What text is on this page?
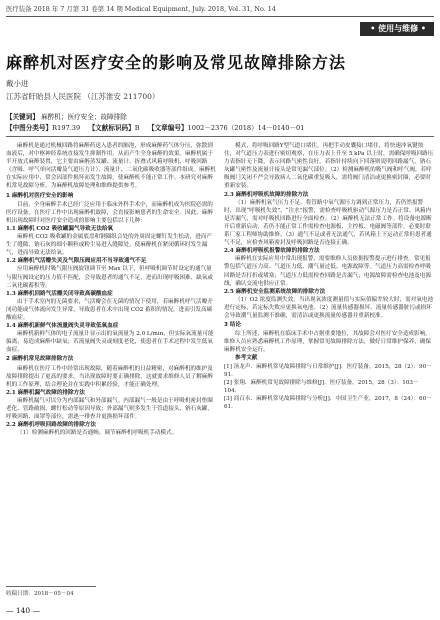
医疗装备 2018 年 7 月第 31 卷第 14 期 Medical Equipment, July. 2018, Vol. 31, No. 14
• 使用与维修 •
麻醉机对医疗安全的影响及常见故障排除方法
戴小进
江苏省盱眙县人民医院 （江苏淮安 211700）
【关键词】 麻醉机；医疗安全；故障排除
【中图分类号】R197.39 【文献标识码】B 【文章编号】1002－2376（2018）14－0140－01

麻醉机是通过机械回路将麻醉药送入患者的肺泡，形成麻醉药气体分压，弥散到血液后，对中枢神经系统直接发生抑制作用，从而产生全身麻醉的效果。麻醉机属于半开放式麻醉装置，它主要由麻醉蒸发罐、流量计、折叠式风箱呼吸机、呼吸回路（含吸、呼气单向活瓣及气道压力计），流量计、二氧化碳吸收器等部件组成。麻醉机在实际应用中，常会因部件损坏而发生故障，使麻醉机不能正常工作。本研究对麻醉机常见故障分析，为麻醉机故障处理和维修提供参考。

1 麻醉机对医疗安全的影响

目前，全身麻醉手术已经广泛应用于临床外科手术中，而麻醉机成为医院必需的医疗设备。在医疗工作中出现麻醉机故障，会直接影响患者的生命安全。因此，麻醉机出现故障时对医疗安全造成的影响主要包括以下几种：

1.1 麻醉机 CO2 吸收罐漏气导致无法给氧

麻醉机 CO2 吸收罐的金属底盘和钢圈组合处的外周固定螺钉发生松动，进而产生了缝隙，钠石灰的细小颗粒或粉尘易进入缝隙处，使麻醉机在紧闭循环时发生漏气，进而导致无法给氧。

1.2 麻醉机气活瓣失灵及气限压阀应用不当导致通气不足

应用麻醉机时吸气限压阀旋钮调节至 Max 以下，但呼吸机调节时设定的通气量与限压阀设定的压力值不匹配，会导致患者的通气不足，进而出现呼吸困难、缺氧或二氧化碳蓄积等。

1.3 麻醉机回路气活瓣关闭导致高碳酸血症

由于手术室内的无菌要求，气活瓣会在无菌的情况下使用，若麻醉机呼气活瓣开闭功能或气体流向发生异常，导致患者在术中出现 CO2 蓄积的情况，进而引发高碳酸血症。

1.4 麻醉机新鲜气体流量阀失灵导致低氧血症

麻醉机新鲜气体的电子流量计显示出的氧流量为 2.0 L/min，但实际氧流量可能偏离，易造成麻醉中缺氧；若流量阀失灵或刻度老化，使患者在手术过程中发生低氧血症。

2 麻醉机常见故障排除方法

麻醉机在医疗工作中经常出现故障，随着麻醉机的日益精密，对麻醉机的维护及故障排除提出了更高的要求。当出现故障时要正确排除，这就要求维修人员了解麻醉机的工作原理，结合理论并在实践中积累经验，才能正确处理。

2.1 麻醉机漏气故障的排除方法

麻醉机漏气可以分为内部漏气和外部漏气。内部漏气一般是由于呼吸机密封垫圈老化、管路破损、螺钉松动等原因导致；外部漏气则多发生于管道接头、钠石灰罐、呼吸回路、面罩等部位，需逐一排查并更换损坏部件。

2.2 麻醉机呼吸回路故障的排除方法

（1）检测麻醉机的回路是否通畅，调节麻醉机呼吸机手动模式。

模式，将呼吸回路Y型气道口堵住，再把手动皮囊接口堵住，将快速冲氧键按住，对气道压力表进行密切观察，在压力表上升至 5 kPa 以上时，需确保呼吸回路压力表指针无下降，表示回路气密性良好。若指针持续向下回落则说明回路漏气，钠石灰罐气密性及流量计接头是常见漏气部位。（2）检测麻醉机的吸气阀和呼气阀，若呼吸阀门关闭不严会导致病人二氧化碳重复吸入，需将阀门清洁或更换密封圈，必要时重新安装。

2.3 麻醉机呼吸机故障的排除方法

（1）麻醉机氧气压力不足。将管路中氧气源压力调到正常压力，若仍然报警时，出现“呼吸机失效”、“注水”报警，需检查呼吸机驱动气源压力是否正常、风箱内是否漏气，需对呼吸机回路进行全面检查。（2）麻醉机无法正常工作。将设备电源断开后重新启动，若仍不能正常工作需检查电源板、主控板、电磁阀等部件，必要时联系厂家工程师协助维修。（3）通气不足或者无法通气，若风箱上下运动正常但患者通气不足，应检查风箱密封及呼吸回路是否连接正确。

2.4 麻醉机呼吸机报警故障的排除方法

麻醉机在实际应用中常出现报警，需要维修人员依据报警提示进行排查。常见报警包括气道压力高、气道压力低、潮气量过低、电源故障等。气道压力高需检查呼吸回路是否打折或堵塞；气道压力低需检查回路是否漏气；电源故障需检查电池及电源线，确认交流电供应正常。

2.5 麻醉机安全监测系统故障的排除方法

（1）O2 浓度监测失效。当出现氧浓度测量值与实际值偏差较大时，需对氧电池进行定标，若定标失败应更换氧电池。（2）流量传感器损坏。流量传感器脏污或损坏会导致潮气量监测不准确，需清洁或更换流量传感器并重新校准。

3 结论

综上所述，麻醉机在临床手术中占据重要地位，其故障会对医疗安全造成影响。维修人员应熟悉麻醉机工作原理，掌握常见故障排除方法，做好日常维护保养，确保麻醉机安全运行。

参考文献

[1] 汤龙声．麻醉机常见故障排除与日常维护[J]．医疗装备，2015，28（2）：90－91．

[2] 张翔．麻醉机常见故障排除与维修[J]．医疗装备，2015，28（3）：103－104．

[3] 商百永．麻醉机常见故障排除与分析[J]．中国卫生产业，2017，8（24）：60－61．

收稿日期：2018－05－04
— 140 —
